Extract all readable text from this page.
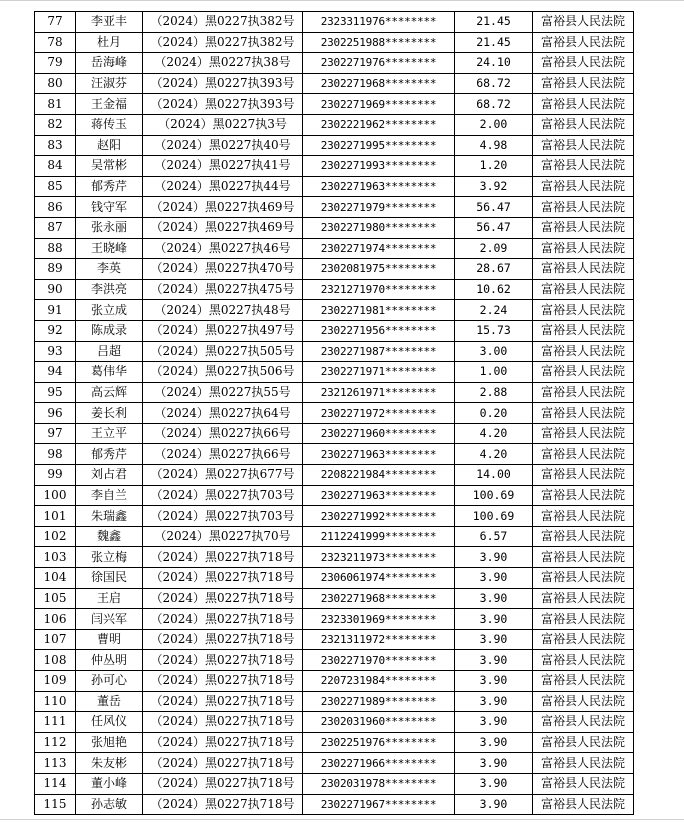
77	李亚丰	（2024）黑0227执382号	2323311976********	21.45	富裕县人民法院
78	杜月	（2024）黑0227执382号	2302251988********	21.45	富裕县人民法院
79	岳海峰	（2024）黑0227执38号	2302271976********	24.10	富裕县人民法院
80	汪淑芬	（2024）黑0227执393号	2302271968********	68.72	富裕县人民法院
81	王金福	（2024）黑0227执393号	2302271969********	68.72	富裕县人民法院
82	蒋传玉	（2024）黑0227执3号	2302221962********	2.00	富裕县人民法院
83	赵阳	（2024）黑0227执40号	2302271995********	4.98	富裕县人民法院
84	吴常彬	（2024）黑0227执41号	2302271993********	1.20	富裕县人民法院
85	郁秀芹	（2024）黑0227执44号	2302271963********	3.92	富裕县人民法院
86	钱守军	（2024）黑0227执469号	2302271979********	56.47	富裕县人民法院
87	张永丽	（2024）黑0227执469号	2302271980********	56.47	富裕县人民法院
88	王晓峰	（2024）黑0227执46号	2302271974********	2.09	富裕县人民法院
89	李英	（2024）黑0227执470号	2302081975********	28.67	富裕县人民法院
90	李洪亮	（2024）黑0227执475号	2321271970********	10.62	富裕县人民法院
91	张立成	（2024）黑0227执48号	2302271981********	2.24	富裕县人民法院
92	陈成录	（2024）黑0227执497号	2302271956********	15.73	富裕县人民法院
93	吕超	（2024）黑0227执505号	2302271987********	3.00	富裕县人民法院
94	葛伟华	（2024）黑0227执506号	2302271971********	1.00	富裕县人民法院
95	高云辉	（2024）黑0227执55号	2321261971********	2.88	富裕县人民法院
96	姜长利	（2024）黑0227执64号	2302271972********	0.20	富裕县人民法院
97	王立平	（2024）黑0227执66号	2302271960********	4.20	富裕县人民法院
98	郁秀芹	（2024）黑0227执66号	2302271963********	4.20	富裕县人民法院
99	刘占君	（2024）黑0227执677号	2208221984********	14.00	富裕县人民法院
100	李自兰	（2024）黑0227执703号	2302271963********	100.69	富裕县人民法院
101	朱瑞鑫	（2024）黑0227执703号	2302271992********	100.69	富裕县人民法院
102	魏鑫	（2024）黑0227执70号	2112241999********	6.57	富裕县人民法院
103	张立梅	（2024）黑0227执718号	2323211973********	3.90	富裕县人民法院
104	徐国民	（2024）黑0227执718号	2306061974********	3.90	富裕县人民法院
105	王启	（2024）黑0227执718号	2302271968********	3.90	富裕县人民法院
106	闫兴军	（2024）黑0227执718号	2323301969********	3.90	富裕县人民法院
107	曹明	（2024）黑0227执718号	2321311972********	3.90	富裕县人民法院
108	仲丛明	（2024）黑0227执718号	2302271970********	3.90	富裕县人民法院
109	孙可心	（2024）黑0227执718号	2207231984********	3.90	富裕县人民法院
110	董岳	（2024）黑0227执718号	2302271989********	3.90	富裕县人民法院
111	任风仪	（2024）黑0227执718号	2302031960********	3.90	富裕县人民法院
112	张旭艳	（2024）黑0227执718号	2302251976********	3.90	富裕县人民法院
113	朱友彬	（2024）黑0227执718号	2302271966********	3.90	富裕县人民法院
114	董小峰	（2024）黑0227执718号	2302031978********	3.90	富裕县人民法院
115	孙志敏	（2024）黑0227执718号	2302271967********	3.90	富裕县人民法院
